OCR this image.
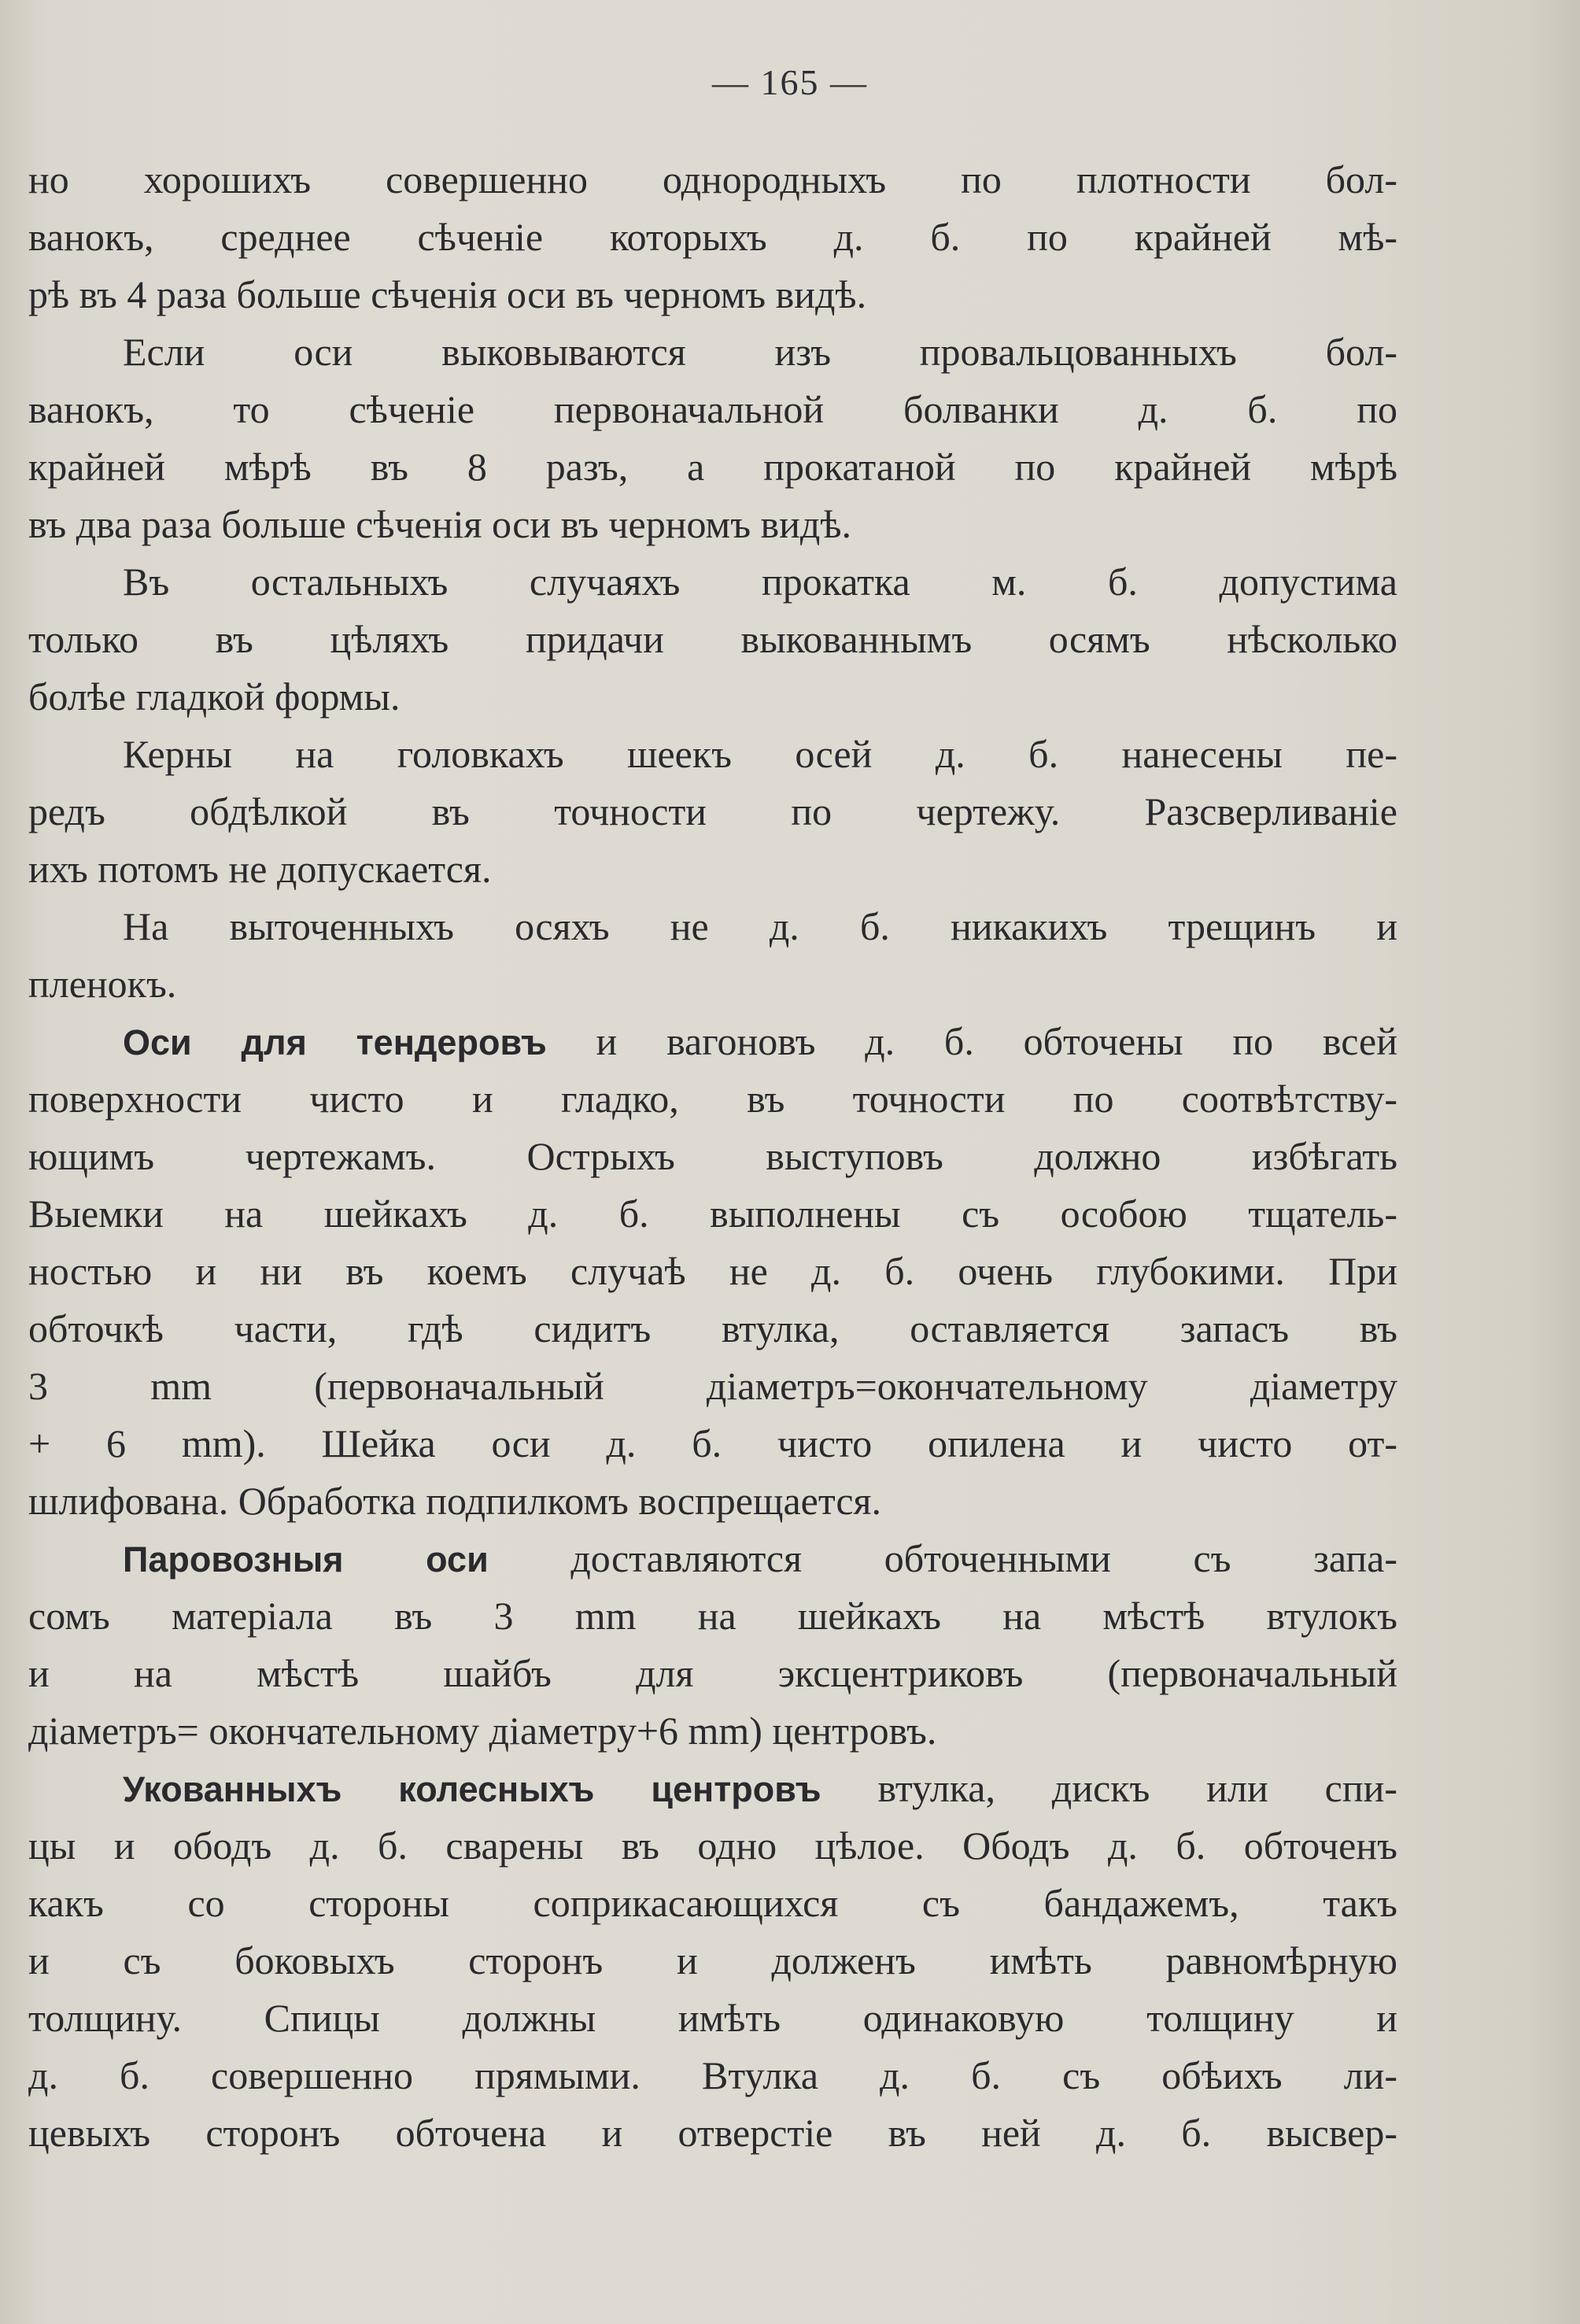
— 165 —
но хорошихъ совершенно однородныхъ по плотности бол-
ванокъ, среднее сѣченіе которыхъ д. б. по крайней мѣ-
рѣ въ 4 раза больше сѣченія оси въ черномъ видѣ.
Если оси выковываются изъ провальцованныхъ бол-
ванокъ, то сѣченіе первоначальной болванки д. б. по
крайней мѣрѣ въ 8 разъ, а прокатаной по крайней мѣрѣ
въ два раза больше сѣченія оси въ черномъ видѣ.
Въ остальныхъ случаяхъ прокатка м. б. допустима
только въ цѣляхъ придачи выкованнымъ осямъ нѣсколько
болѣе гладкой формы.
Керны на головкахъ шеекъ осей д. б. нанесены пе-
редъ обдѣлкой въ точности по чертежу. Разсверливаніе
ихъ потомъ не допускается.
На выточенныхъ осяхъ не д. б. никакихъ трещинъ и
пленокъ.
Оси для тендеровъ и вагоновъ д. б. обточены по всей
поверхности чисто и гладко, въ точности по соотвѣтству-
ющимъ чертежамъ. Острыхъ выступовъ должно избѣгать
Выемки на шейкахъ д. б. выполнены съ особою тщатель-
ностью и ни въ коемъ случаѣ не д. б. очень глубокими. При
обточкѣ части, гдѣ сидитъ втулка, оставляется запасъ въ
3 mm (первоначальный діаметръ=окончательному діаметру
+ 6 mm). Шейка оси д. б. чисто опилена и чисто от-
шлифована. Обработка подпилкомъ воспрещается.
Паровозныя оси доставляются обточенными съ запа-
сомъ матеріала въ 3 mm на шейкахъ на мѣстѣ втулокъ
и на мѣстѣ шайбъ для эксцентриковъ (первоначальный
діаметръ= окончательному діаметру+6 mm) центровъ.
Укованныхъ колесныхъ центровъ втулка, дискъ или спи-
цы и ободъ д. б. сварены въ одно цѣлое. Ободъ д. б. обточенъ
какъ со стороны соприкасающихся съ бандажемъ, такъ
и съ боковыхъ сторонъ и долженъ имѣть равномѣрную
толщину. Спицы должны имѣть одинаковую толщину и
д. б. совершенно прямыми. Втулка д. б. съ обѣихъ ли-
цевыхъ сторонъ обточена и отверстіе въ ней д. б. высвер-
